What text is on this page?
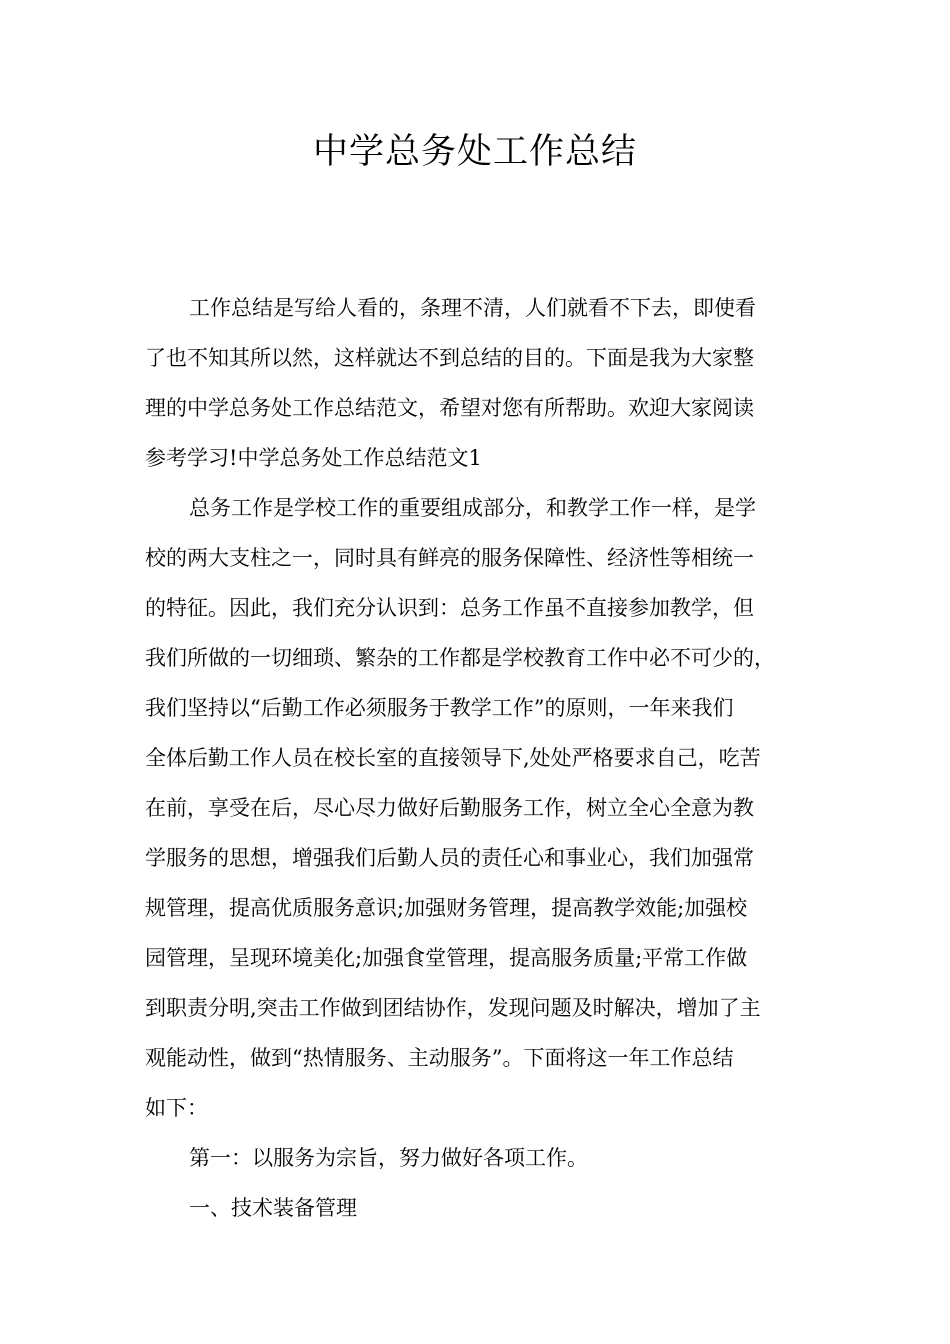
中学总务处工作总结

工作总结是写给人看的，条理不清，人们就看不下去，即使看
了也不知其所以然，这样就达不到总结的目的。下面是我为大家整
理的中学总务处工作总结范文，希望对您有所帮助。欢迎大家阅读
参考学习!中学总务处工作总结范文1

总务工作是学校工作的重要组成部分，和教学工作一样，是学
校的两大支柱之一，同时具有鲜亮的服务保障性、经济性等相统一
的特征。因此，我们充分认识到：总务工作虽不直接参加教学，但
我们所做的一切细琐、繁杂的工作都是学校教育工作中必不可少的，
我们坚持以“后勤工作必须服务于教学工作”的原则，一年来我们
全体后勤工作人员在校长室的直接领导下,处处严格要求自己，吃苦
在前，享受在后，尽心尽力做好后勤服务工作，树立全心全意为教
学服务的思想，增强我们后勤人员的责任心和事业心，我们加强常
规管理，提高优质服务意识;加强财务管理，提高教学效能;加强校
园管理，呈现环境美化;加强食堂管理，提高服务质量;平常工作做
到职责分明,突击工作做到团结协作，发现问题及时解决，增加了主
观能动性，做到“热情服务、主动服务”。下面将这一年工作总结
如下：

第一：以服务为宗旨，努力做好各项工作。

一、技术装备管理
